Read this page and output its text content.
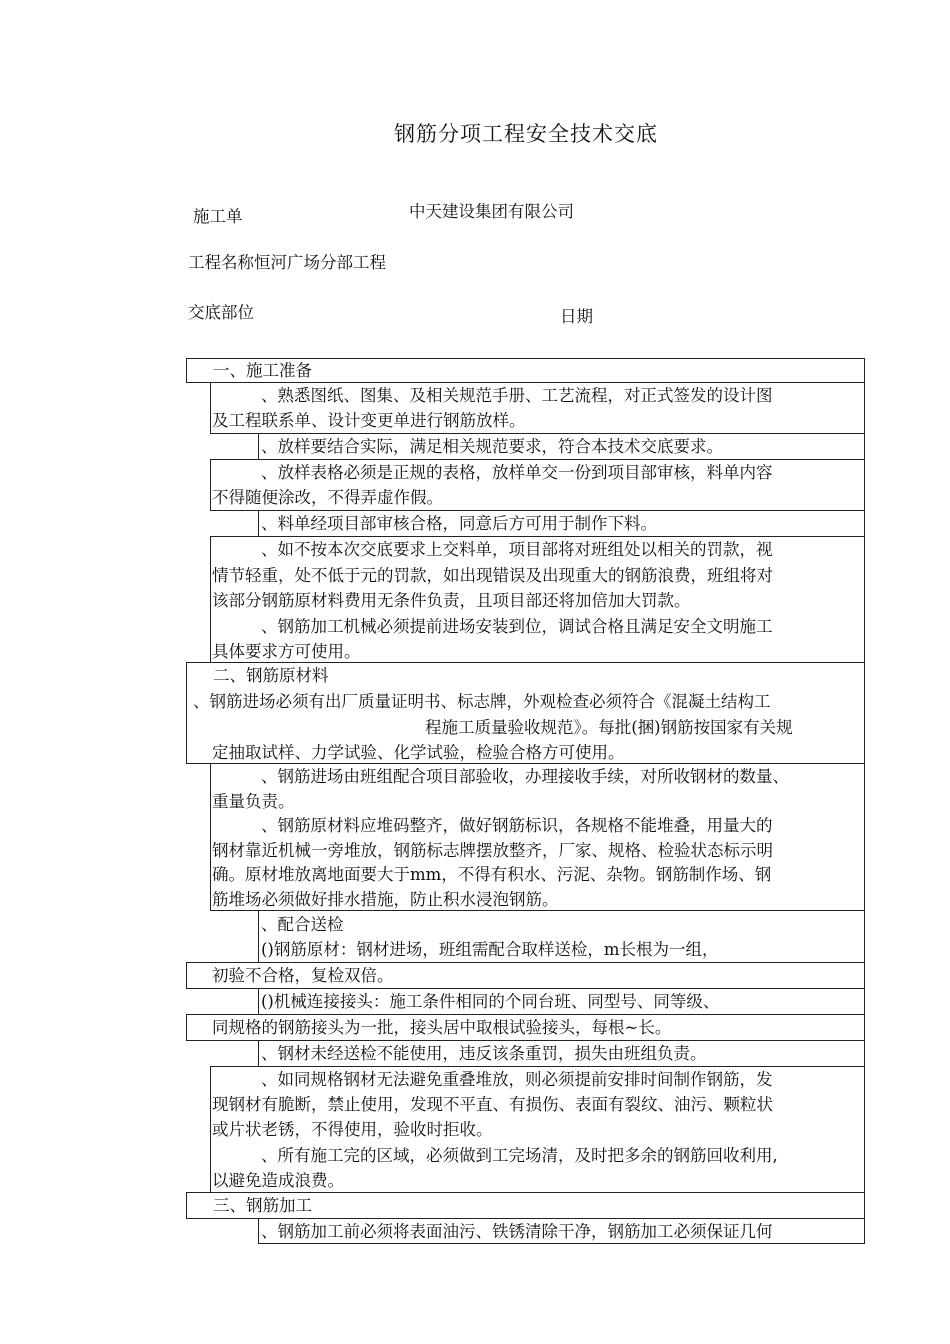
钢筋分项工程安全技术交底
施工单	中天建设集团有限公司
工程名称恒河广场分部工程
交底部位	日期
一、施工准备
二、钢筋原材料
三、钢筋加工
、熟悉图纸、图集、及相关规范手册、工艺流程，对正式签发的设计图
及工程联系单、设计变更单进行钢筋放样。
、放样要结合实际，满足相关规范要求，符合本技术交底要求。
、放样表格必须是正规的表格，放样单交一份到项目部审核，料单内容
不得随便涂改，不得弄虚作假。
、料单经项目部审核合格，同意后方可用于制作下料。
、如不按本次交底要求上交料单，项目部将对班组处以相关的罚款，视
情节轻重，处不低于元的罚款，如出现错误及出现重大的钢筋浪费，班组将对
该部分钢筋原材料费用无条件负责，且项目部还将加倍加大罚款。
、钢筋加工机械必须提前进场安装到位，调试合格且满足安全文明施工
具体要求方可使用。
、钢筋进场必须有出厂质量证明书、标志牌，外观检查必须符合《混凝土结构工
程施工质量验收规范》。每批(捆)钢筋按国家有关规
定抽取试样、力学试验、化学试验，检验合格方可使用。
、钢筋进场由班组配合项目部验收，办理接收手续，对所收钢材的数量、
重量负责。
、钢筋原材料应堆码整齐，做好钢筋标识，各规格不能堆叠，用量大的
钢材靠近机械一旁堆放，钢筋标志牌摆放整齐，厂家、规格、检验状态标示明
确。原材堆放离地面要大于mm，不得有积水、污泥、杂物。钢筋制作场、钢
筋堆场必须做好排水措施，防止积水浸泡钢筋。
、配合送检
()钢筋原材：钢材进场，班组需配合取样送检，m长根为一组，
初验不合格，复检双倍。
()机械连接接头：施工条件相同的个同台班、同型号、同等级、
同规格的钢筋接头为一批，接头居中取根试验接头，每根~长。
、钢材未经送检不能使用，违反该条重罚，损失由班组负责。
、如同规格钢材无法避免重叠堆放，则必须提前安排时间制作钢筋，发
现钢材有脆断，禁止使用，发现不平直、有损伤、表面有裂纹、油污、颗粒状
或片状老锈，不得使用，验收时拒收。
、所有施工完的区域，必须做到工完场清，及时把多余的钢筋回收利用,
以避免造成浪费。
、钢筋加工前必须将表面油污、铁锈清除干净，钢筋加工必须保证几何
